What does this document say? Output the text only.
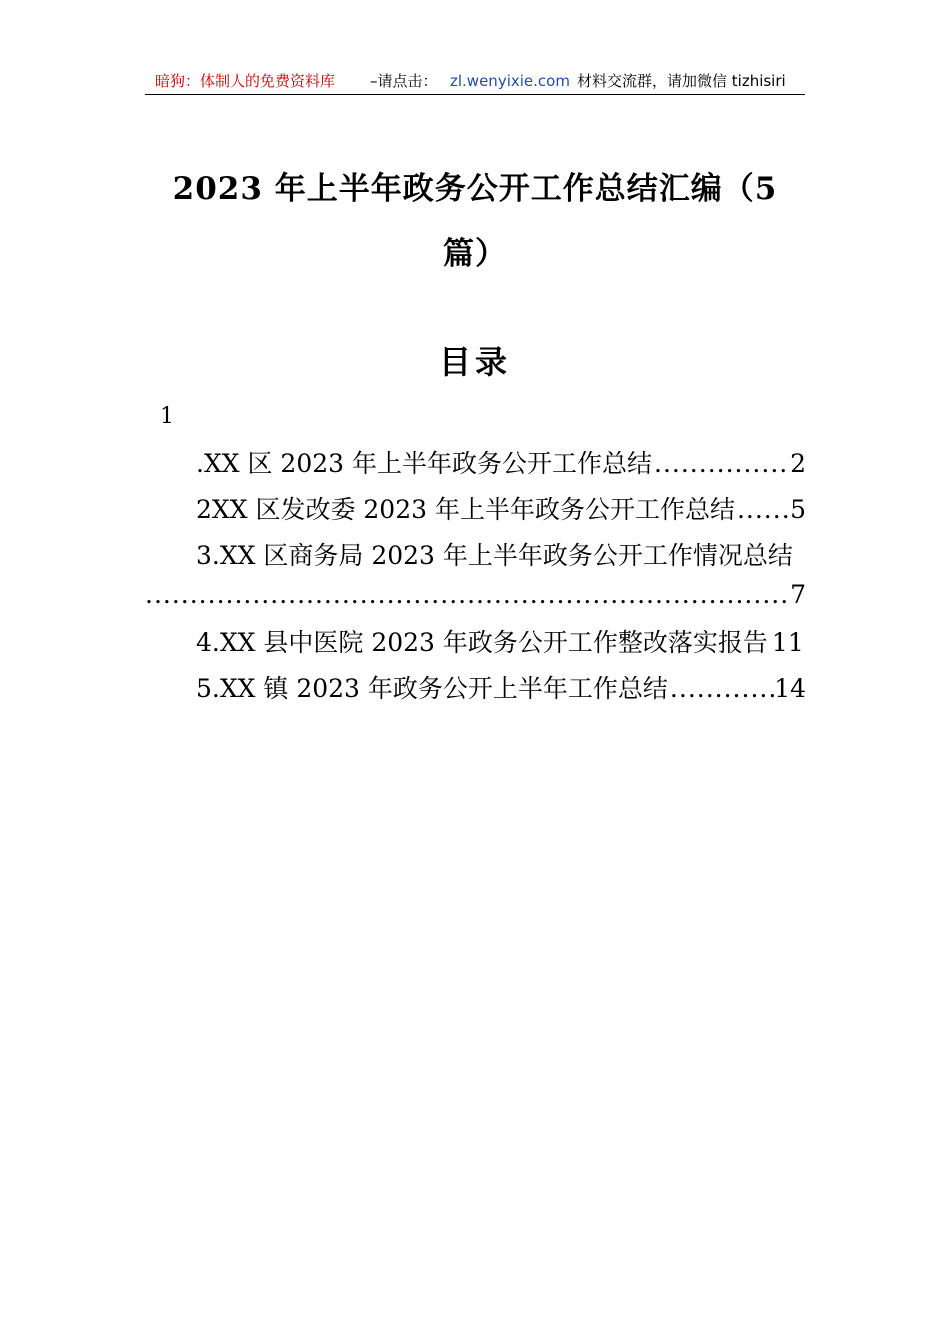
暗狗：体制人的免费资料库 –请点击： zl.wenyixie.com 材料交流群，请加微信 tizhisiri
2023 年上半年政务公开工作总结汇编（5
篇）
目录
1
.XX 区 2023 年上半年政务公开工作总结 .....	2
2XX 区发改委 2023 年上半年政务公开工作总结 ..... 5
3.XX 区商务局 2023 年上半年政务公开工作情况总结
.....
7
4.XX 县中医院 2023 年政务公开工作整改落实报告 11
5.XX 镇 2023 年政务公开上半年工作总结 .....	14
